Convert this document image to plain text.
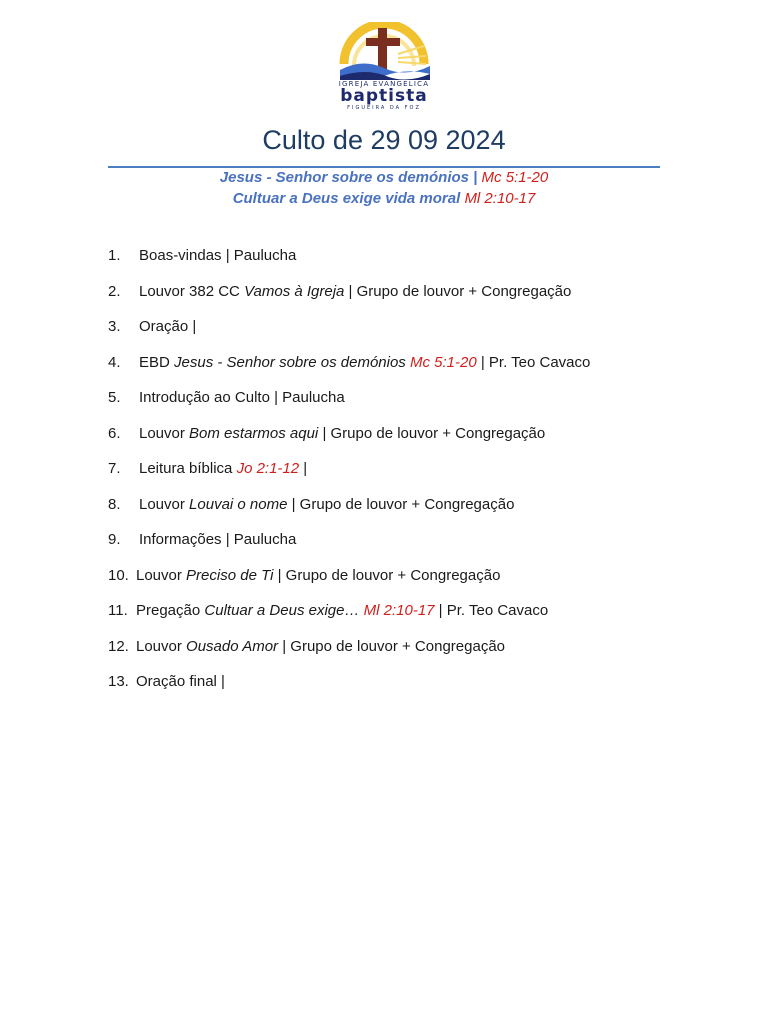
IGREJA EVANGÉLICA
baptista
FIGUEIRA DA FOZ
Culto de 29 09 2024
Jesus - Senhor sobre os demónios | Mc 5:1-20
Cultuar a Deus exige vida moral Ml 2:10-17
1. Boas-vindas | Paulucha
2. Louvor 382 CC Vamos à Igreja | Grupo de louvor + Congregação
3. Oração |
4. EBD Jesus - Senhor sobre os demónios Mc 5:1-20 | Pr. Teo Cavaco
5. Introdução ao Culto | Paulucha
6. Louvor Bom estarmos aqui | Grupo de louvor + Congregação
7. Leitura bíblica Jo 2:1-12 |
8. Louvor Louvai o nome | Grupo de louvor + Congregação
9. Informações | Paulucha
10. Louvor Preciso de Ti | Grupo de louvor + Congregação
11. Pregação Cultuar a Deus exige… Ml 2:10-17 | Pr. Teo Cavaco
12. Louvor Ousado Amor | Grupo de louvor + Congregação
13. Oração final |
